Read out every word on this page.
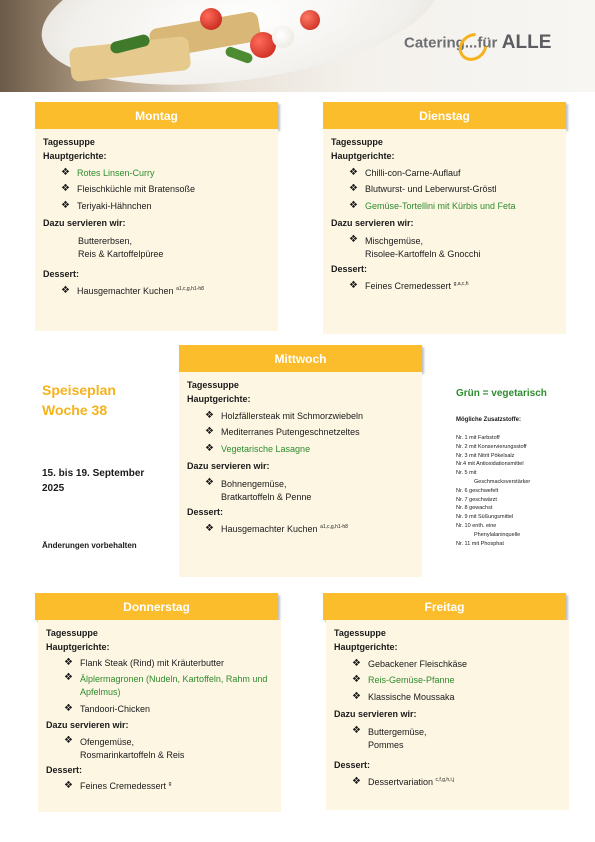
Catering...für ALLE
Montag
Tagessuppe
Hauptgerichte:
❖ Rotes Linsen-Curry
❖ Fleischküchle mit Bratensoße
❖ Teriyaki-Hähnchen
Dazu servieren wir:
Buttererbsen,
Reis & Kartoffelpüree
Dessert:
❖ Hausgemachter Kuchen $^{a1,c,g,h1-h8}$
Dienstag
Tagessuppe
Hauptgerichte:
❖ Chilli-con-Carne-Auflauf
❖ Blutwurst- und Leberwurst-Gröstl
❖ Gemüse-Tortellini mit Kürbis und Feta
Dazu servieren wir:
❖ Mischgemüse,
Risolee-Kartoffeln & Gnocchi
Dessert:
❖ Feines Cremedessert $^{g,a,c,h}$
Speiseplan
Woche 38
15. bis 19. September
2025
Änderungen vorbehalten
Mittwoch
Tagessuppe
Hauptgerichte:
❖ Holzfällersteak mit Schmorzwiebeln
❖ Mediterranes Putengeschnetzeltes
❖ Vegetarische Lasagne
Dazu servieren wir:
❖ Bohnengemüse,
Bratkartoffeln & Penne
Dessert:
❖ Hausgemachter Kuchen $^{a1,c,g,h1-h8}$
Grün = vegetarisch
Mögliche Zusatzstoffe:
Nr. 1 mit Farbstoff
Nr. 2 mit Konservierungsstoff
Nr. 3 mit Nitrit Pökelsalz
Nr.4 mit Antioxidationsmittel
Nr. 5 mit
Geschmacksverstärker
Nr. 6 geschwefelt
Nr. 7 geschwärzt
Nr. 8 gewachst
Nr. 9 mit Süßungsmittel
Nr. 10 enth. eine
Phenylalaninquelle
Nr. 11 mit Phosphat
Donnerstag
Tagessuppe
Hauptgerichte:
❖ Flank Steak (Rind) mit Kräuterbutter
❖ Älplermagronen (Nudeln, Kartoffeln, Rahm und Apfelmus)
❖ Tandoori-Chicken
Dazu servieren wir:
❖ Ofengemüse,
Rosmarinkartoffeln & Reis
Dessert:
❖ Feines Cremedessert $^g$
Freitag
Tagessuppe
Hauptgerichte:
❖ Gebackener Fleischkäse
❖ Reis-Gemüse-Pfanne
❖ Klassische Moussaka
Dazu servieren wir:
❖ Buttergemüse,
Pommes
Dessert:
❖ Dessertvariation $^{c,f,g,h,i,j}$
